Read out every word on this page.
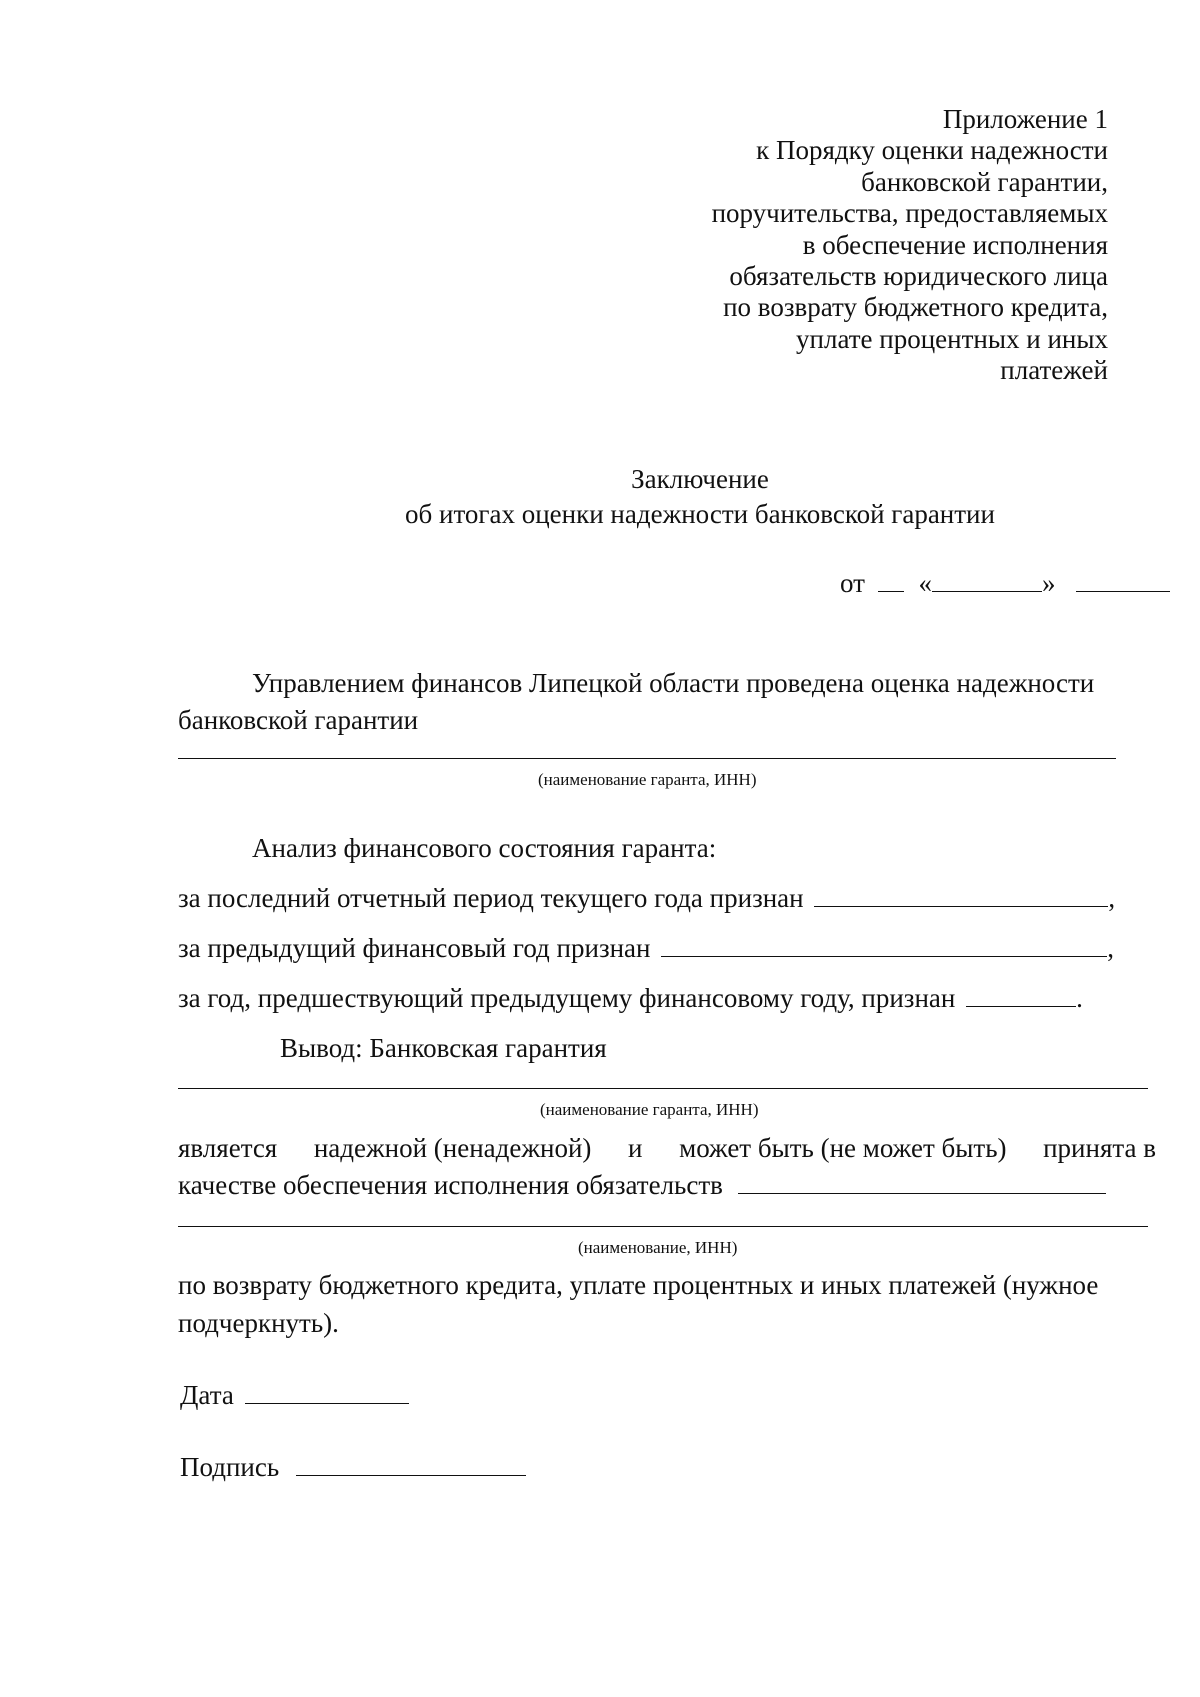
Приложение 1
к Порядку оценки надежности
банковской гарантии,
поручительства, предоставляемых
в обеспечение исполнения
обязательств юридического лица
по возврату бюджетного кредита,
уплате процентных и иных
платежей
Заключение
об итогах оценки надежности банковской гарантии
от «	»
Управлением финансов Липецкой области проведена оценка надежности
банковской гарантии
(наименование гаранта, ИНН)
Анализ финансового состояния гаранта:
за последний отчетный период текущего года признан	,
за предыдущий финансовый год признан	,
за год, предшествующий предыдущему финансовому году, признан	.
Вывод: Банковская гарантия
(наименование гаранта, ИНН)
является надежной (ненадежной) и может быть (не может быть) принята в
качестве обеспечения исполнения обязательств
(наименование, ИНН)
по возврату бюджетного кредита, уплате процентных и иных платежей (нужное
подчеркнуть).
Дата
Подпись
